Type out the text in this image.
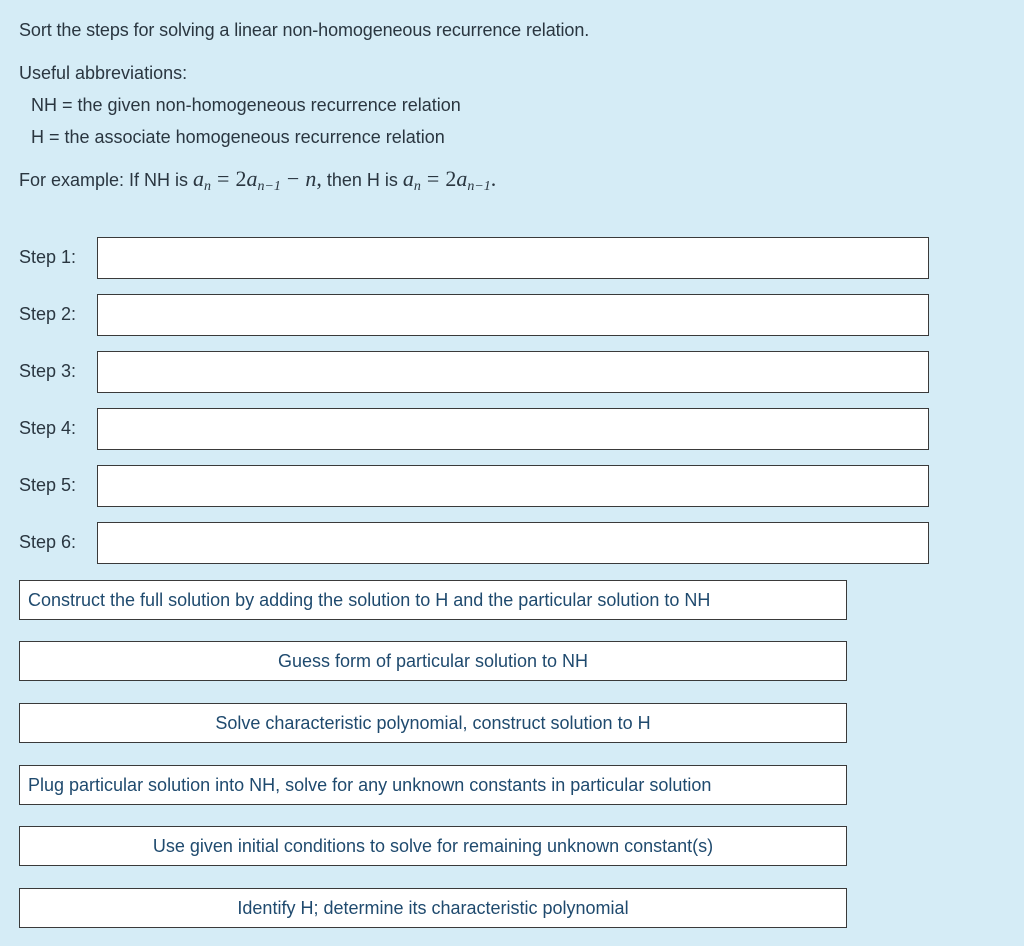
Sort the steps for solving a linear non-homogeneous recurrence relation.
Useful abbreviations:
NH = the given non-homogeneous recurrence relation
H = the associate homogeneous recurrence relation
For example: If NH is $a_n = 2a_{n-1} - n$, then H is $a_n = 2a_{n-1}$.
Step 1:
Step 2:
Step 3:
Step 4:
Step 5:
Step 6:
Construct the full solution by adding the solution to H and the particular solution to NH
Guess form of particular solution to NH
Solve characteristic polynomial, construct solution to H
Plug particular solution into NH, solve for any unknown constants in particular solution
Use given initial conditions to solve for remaining unknown constant(s)
Identify H; determine its characteristic polynomial
